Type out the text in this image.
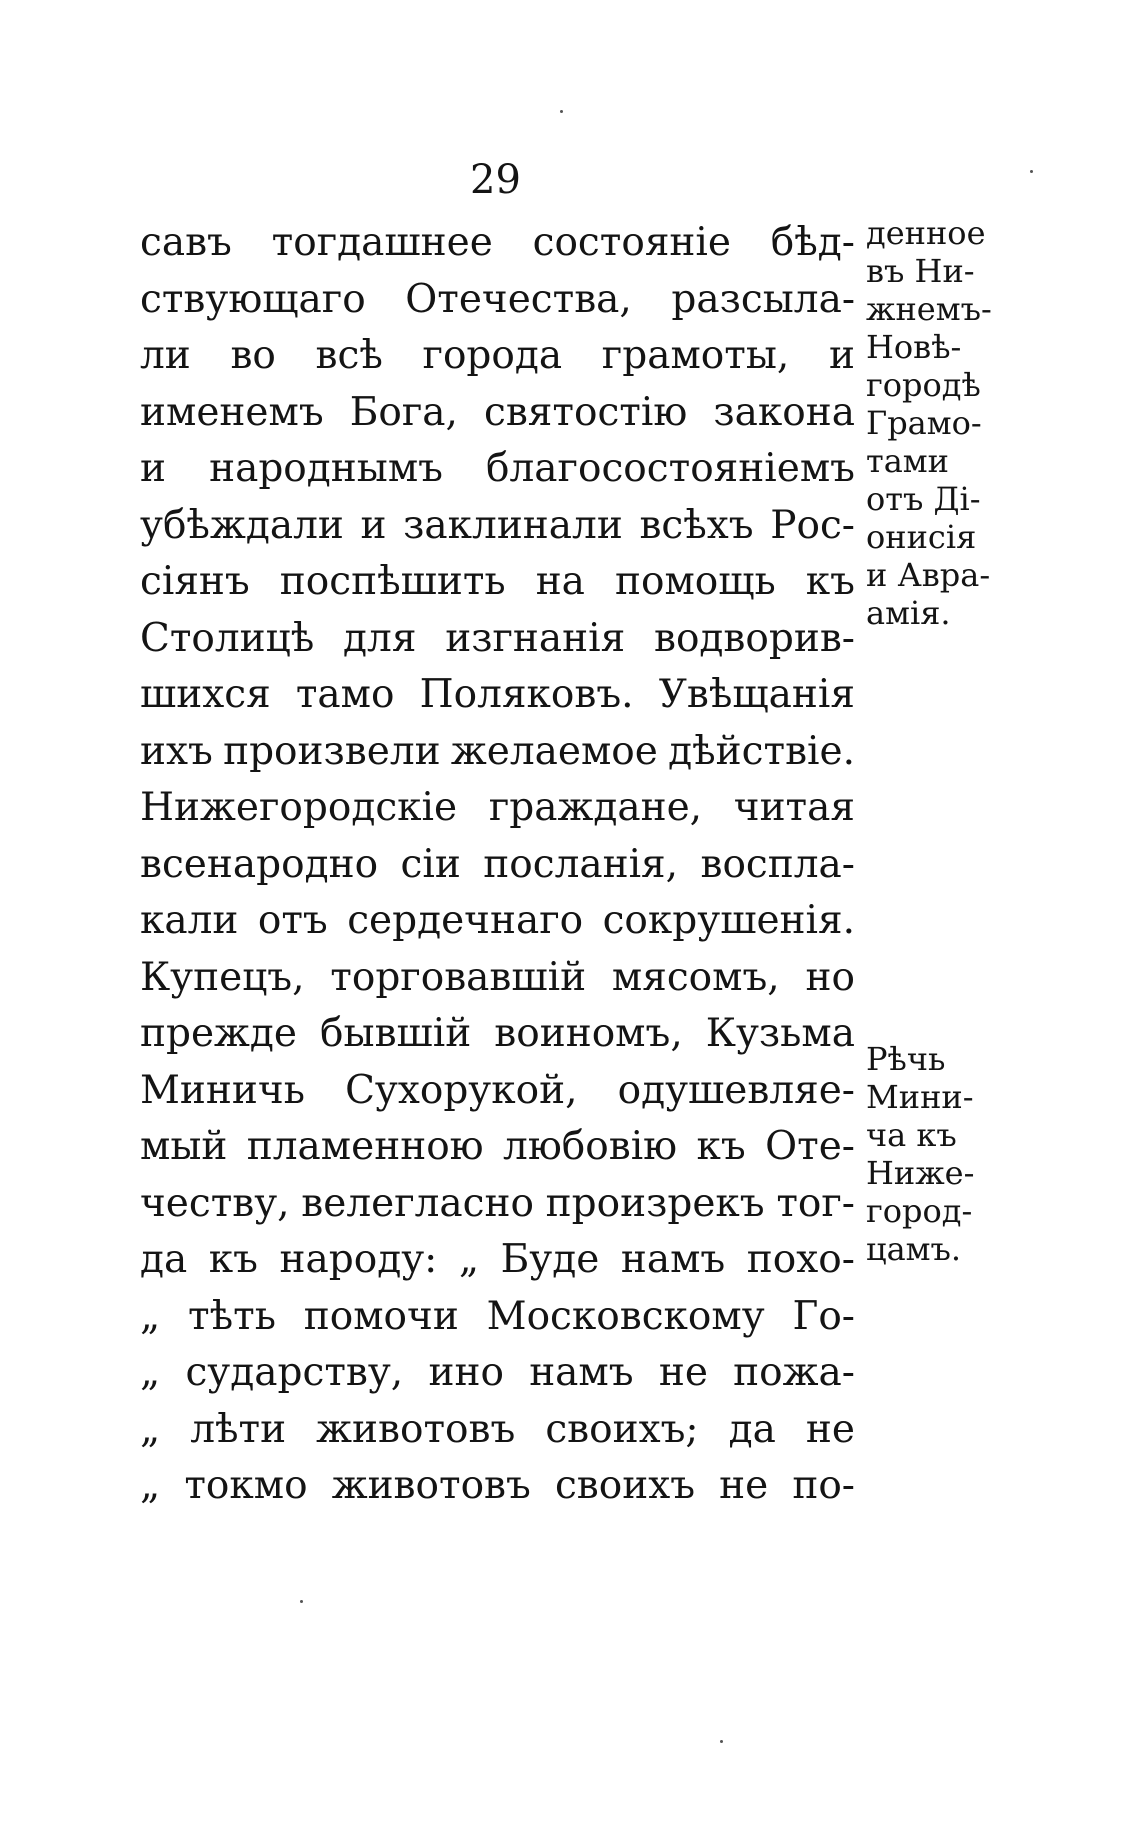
29
савъ тогдашнее состояніе бѣд-
ствующаго Отечества, разсыла-
ли во всѣ города грамоты, и
именемъ Бога, святостію закона
и народнымъ благосостояніемъ
убѣждали и заклинали всѣхъ Рос-
сіянъ поспѣшить на помощь къ
Столицѣ для изгнанія водворив-
шихся тамо Поляковъ. Увѣщанія
ихъ произвели желаемое дѣйствіе.
Нижегородскіе граждане, читая
всенародно сіи посланія, воспла-
кали отъ сердечнаго сокрушенія.
Купецъ, торговавшій мясомъ, но
прежде бывшій воиномъ, Кузьма
Миничь Сухорукой, одушевляе-
мый пламенною любовію къ Оте-
честву, велегласно произрекъ тог-
да къ народу: „ Буде намъ похо-
„ тѣть помочи Московскому Го-
„ сударству, ино намъ не пожа-
„ лѣти животовъ своихъ; да не
„ токмо животовъ своихъ не по-
денное
въ Ни-
жнемъ-
Новѣ-
городѣ
Грамо-
тами
отъ Ді-
онисія
и Авра-
амія.
Рѣчь
Мини-
ча къ
Ниже-
город-
цамъ.
